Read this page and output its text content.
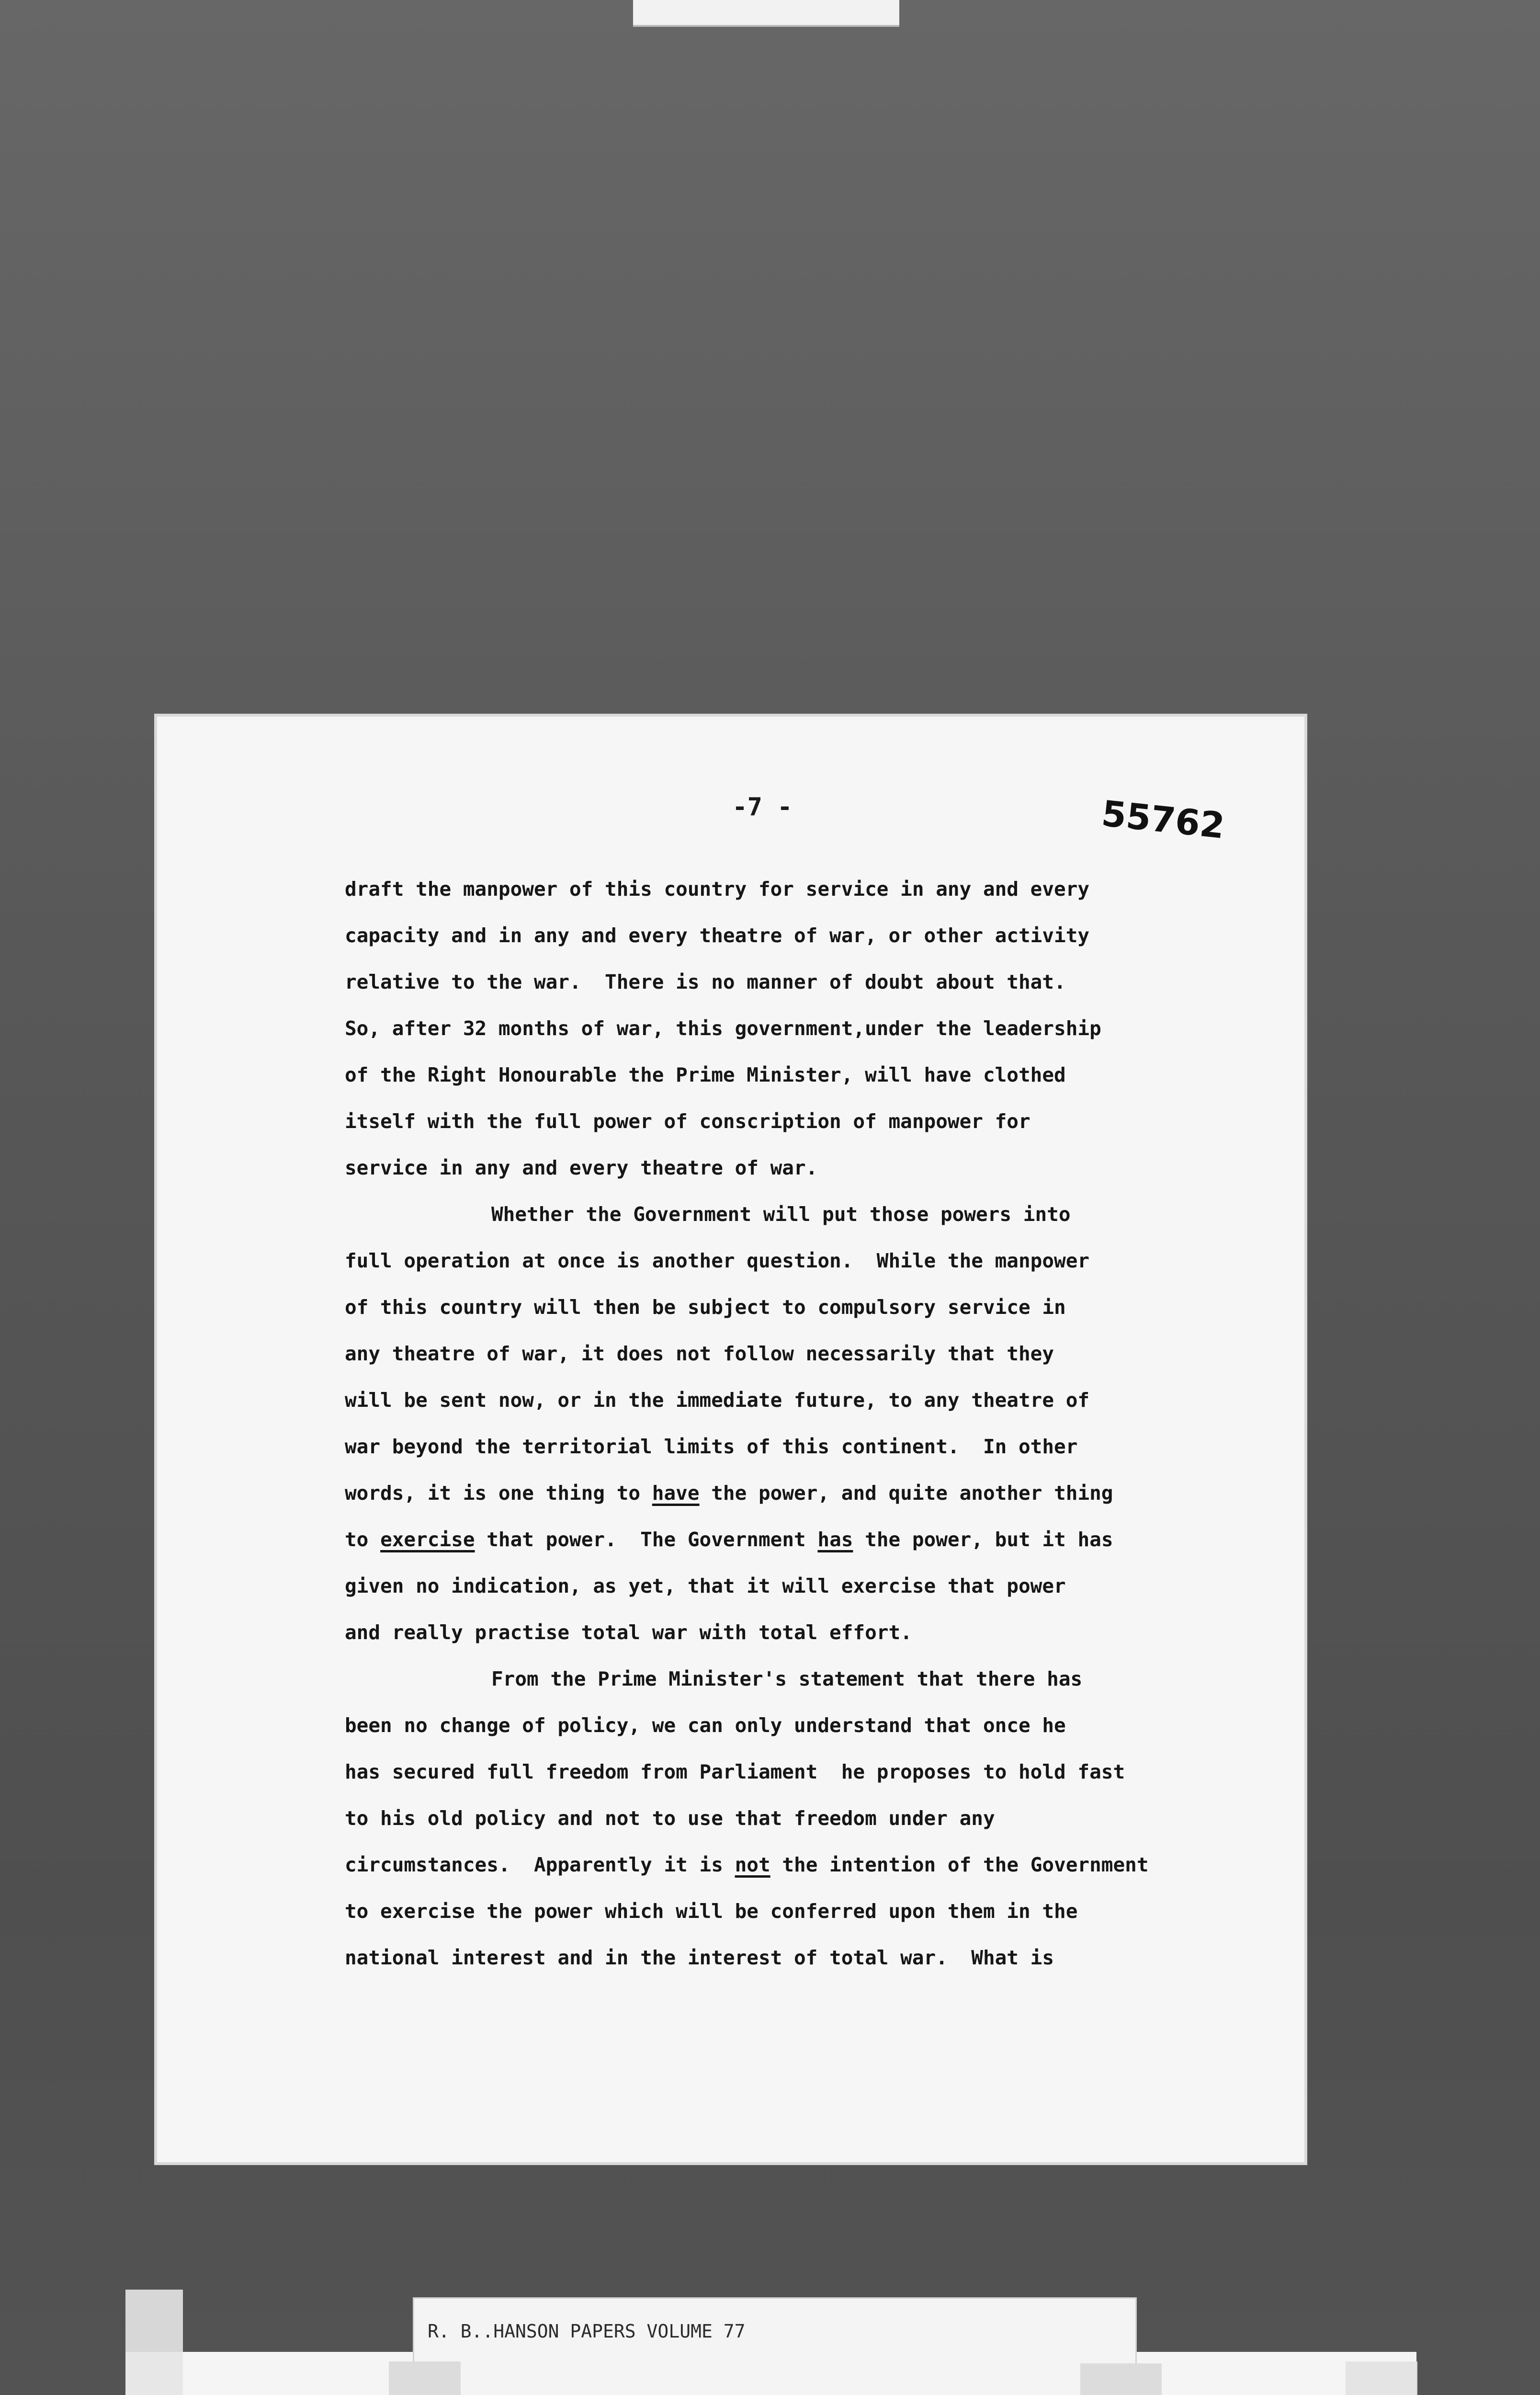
-7 -	55762
draft the manpower of this country for service in any and every
capacity and in any and every theatre of war, or other activity
relative to the war.  There is no manner of doubt about that.
So, after 32 months of war, this government,under the leadership
of the Right Honourable the Prime Minister, will have clothed
itself with the full power of conscription of manpower for
service in any and every theatre of war.
Whether the Government will put those powers into
full operation at once is another question.  While the manpower
of this country will then be subject to compulsory service in
any theatre of war, it does not follow necessarily that they
will be sent now, or in the immediate future, to any theatre of
war beyond the territorial limits of this continent.  In other
words, it is one thing to have the power, and quite another thing
to exercise that power.  The Government has the power, but it has
given no indication, as yet, that it will exercise that power
and really practise total war with total effort.
From the Prime Minister's statement that there has
been no change of policy, we can only understand that once he
has secured full freedom from Parliament  he proposes to hold fast
to his old policy and not to use that freedom under any
circumstances.  Apparently it is not the intention of the Government
to exercise the power which will be conferred upon them in the
national interest and in the interest of total war.  What is
R. B..HANSON PAPERS VOLUME 77
